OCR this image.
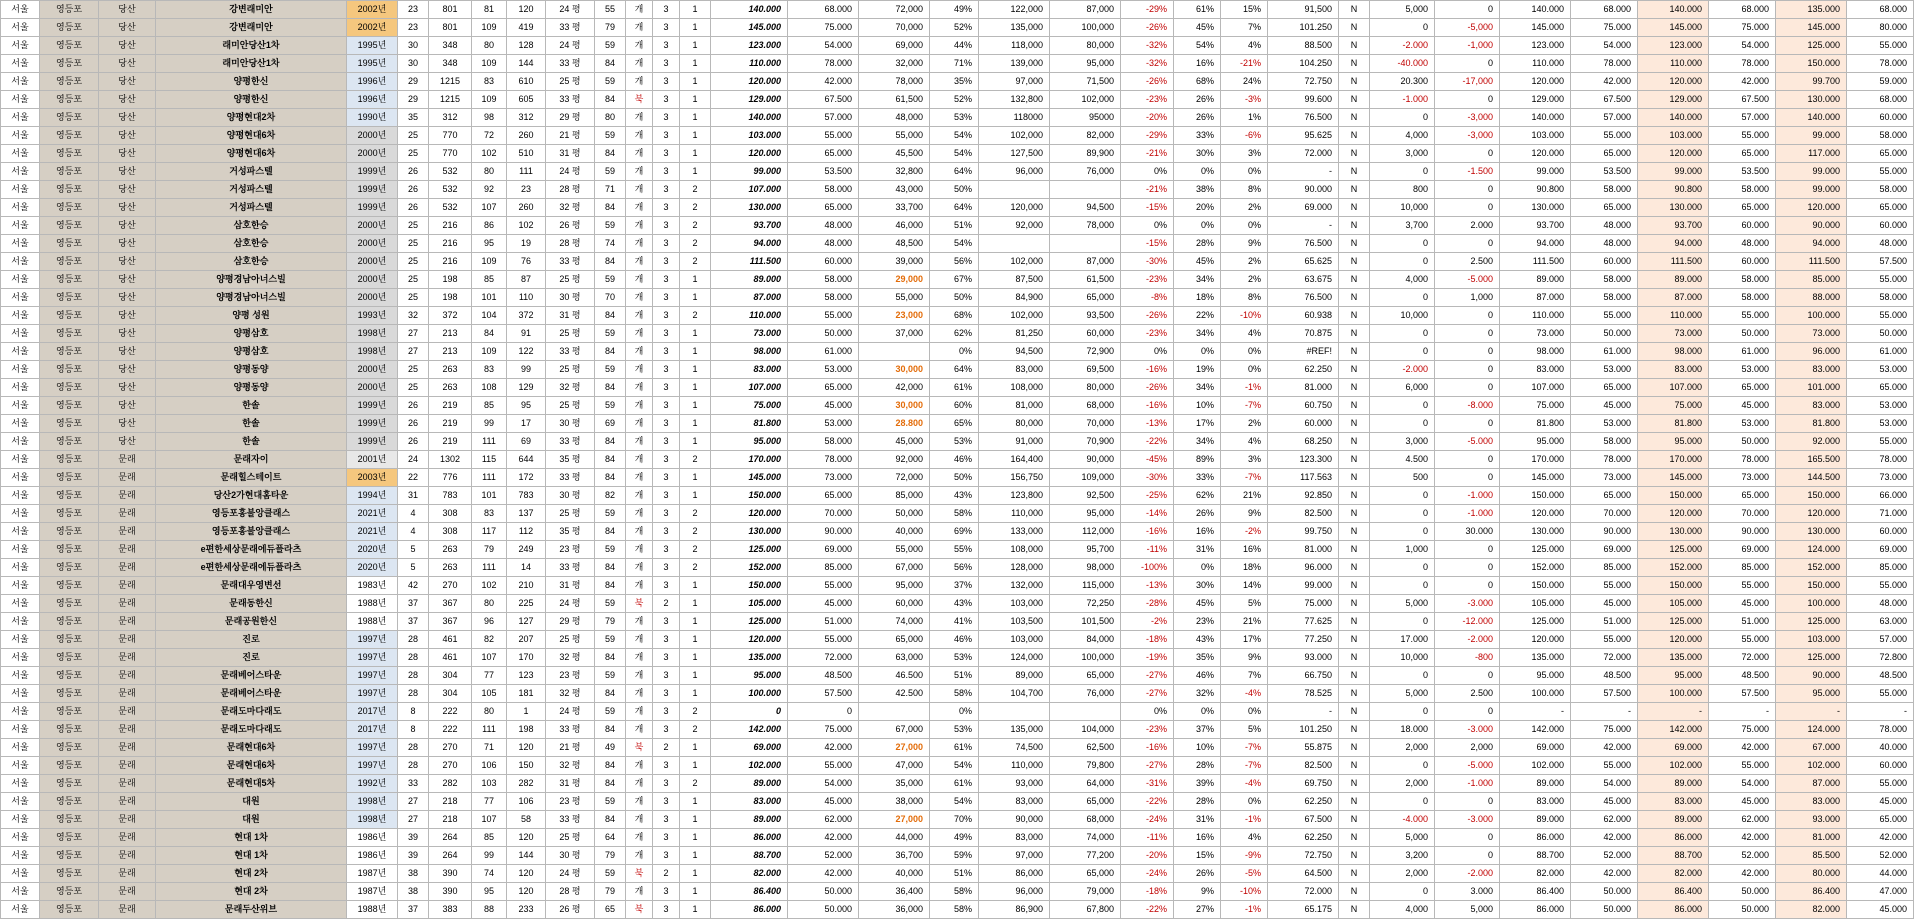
서울	영등포	당산	강변래미안	2002년	23	801	81	120	24 평	55	개	3	1	140.000	68.000	72,000	49%	122,000	87,000	-29%	61%	15%	91,500	N	5,000	0	140.000	68.000	140.000	68.000	135.000	68.000
서울	영등포	당산	강변래미안	2002년	23	801	109	419	33 평	79	개	3	1	145.000	75.000	70,000	52%	135,000	100,000	-26%	45%	7%	101.250	N	0	-5,000	145.000	75.000	145.000	75.000	145.000	80.000
서울	영등포	당산	래미안당산1차	1995년	30	348	80	128	24 평	59	개	3	1	123.000	54.000	69,000	44%	118,000	80,000	-32%	54%	4%	88.500	N	-2.000	-1,000	123.000	54.000	123.000	54.000	125.000	55.000
서울	영등포	당산	래미안당산1차	1995년	30	348	109	144	33 평	84	개	3	1	110.000	78.000	32,000	71%	139,000	95,000	-32%	16%	-21%	104.250	N	-40.000	0	110.000	78.000	110.000	78.000	150.000	78.000
서울	영등포	당산	양평한신	1996년	29	1215	83	610	25 평	59	개	3	1	120.000	42.000	78,000	35%	97,000	71,500	-26%	68%	24%	72.750	N	20.300	-17,000	120.000	42.000	120.000	42.000	99.700	59.000
서울	영등포	당산	양평한신	1996년	29	1215	109	605	33 평	84	북	3	1	129.000	67.500	61,500	52%	132,800	102,000	-23%	26%	-3%	99.600	N	-1.000	0	129.000	67.500	129.000	67.500	130.000	68.000
서울	영등포	당산	양평현대2차	1990년	35	312	98	312	29 평	80	개	3	1	140.000	57.000	48,000	53%	118000	95000	-20%	26%	1%	76.500	N	0	-3,000	140.000	57.000	140.000	57.000	140.000	60.000
서울	영등포	당산	양평현대6차	2000년	25	770	72	260	21 평	59	개	3	1	103.000	55.000	55,000	54%	102,000	82,000	-29%	33%	-6%	95.625	N	4,000	-3,000	103.000	55.000	103.000	55.000	99.000	58.000
서울	영등포	당산	양평현대6차	2000년	25	770	102	510	31 평	84	개	3	1	120.000	65.000	45,500	54%	127,500	89,900	-21%	30%	3%	72.000	N	3,000	0	120.000	65.000	120.000	65.000	117.000	65.000
서울	영등포	당산	거성파스텔	1999년	26	532	80	111	24 평	59	개	3	1	99.000	53.500	32,800	64%	96,000	76,000	0%	0%	0%	-	N	0	-1.500	99.000	53.500	99.000	53.500	99.000	55.000
서울	영등포	당산	거성파스텔	1999년	26	532	92	23	28 평	71	개	3	2	107.000	58.000	43,000	50%			-21%	38%	8%	90.000	N	800	0	90.800	58.000	90.800	58.000	99.000	58.000
서울	영등포	당산	거성파스텔	1999년	26	532	107	260	32 평	84	개	3	2	130.000	65.000	33,700	64%	120,000	94,500	-15%	20%	2%	69.000	N	10,000	0	130.000	65.000	130.000	65.000	120.000	65.000
서울	영등포	당산	삼호한승	2000년	25	216	86	102	26 평	59	개	3	2	93.700	48.000	46,000	51%	92,000	78,000	0%	0%	0%	-	N	3,700	2.000	93.700	48.000	93.700	60.000	90.000	60.000
서울	영등포	당산	삼호한승	2000년	25	216	95	19	28 평	74	개	3	2	94.000	48.000	48,500	54%			-15%	28%	9%	76.500	N	0	0	94.000	48.000	94.000	48.000	94.000	48.000
서울	영등포	당산	삼호한승	2000년	25	216	109	76	33 평	84	개	3	2	111.500	60.000	39,000	56%	102,000	87,000	-30%	45%	2%	65.625	N	0	2.500	111.500	60.000	111.500	60.000	111.500	57.500
서울	영등포	당산	양평경남아너스빌	2000년	25	198	85	87	25 평	59	개	3	1	89.000	58.000	29,000	67%	87,500	61,500	-23%	34%	2%	63.675	N	4,000	-5.000	89.000	58.000	89.000	58.000	85.000	55.000
서울	영등포	당산	양평경남아너스빌	2000년	25	198	101	110	30 평	70	개	3	1	87.000	58.000	55,000	50%	84,900	65,000	-8%	18%	8%	76.500	N	0	1,000	87.000	58.000	87.000	58.000	88.000	58.000
서울	영등포	당산	양평 성원	1993년	32	372	104	372	31 평	84	개	3	2	110.000	55.000	23,000	68%	102,000	93,500	-26%	22%	-10%	60.938	N	10,000	0	110.000	55.000	110.000	55.000	100.000	55.000
서울	영등포	당산	양평삼호	1998년	27	213	84	91	25 평	59	개	3	1	73.000	50.000	37,000	62%	81,250	60,000	-23%	34%	4%	70.875	N	0	0	73.000	50.000	73.000	50.000	73.000	50.000
서울	영등포	당산	양평삼호	1998년	27	213	109	122	33 평	84	개	3	1	98.000	61.000		0%	94,500	72,900	0%	0%	0%	#REF!	N	0	0	98.000	61.000	98.000	61.000	96.000	61.000
서울	영등포	당산	양평동양	2000년	25	263	83	99	25 평	59	개	3	1	83.000	53.000	30,000	64%	83,000	69,500	-16%	19%	0%	62.250	N	-2.000	0	83.000	53.000	83.000	53.000	83.000	53.000
서울	영등포	당산	양평동양	2000년	25	263	108	129	32 평	84	개	3	1	107.000	65.000	42,000	61%	108,000	80,000	-26%	34%	-1%	81.000	N	6,000	0	107.000	65.000	107.000	65.000	101.000	65.000
서울	영등포	당산	한솔	1999년	26	219	85	95	25 평	59	개	3	1	75.000	45.000	30,000	60%	81,000	68,000	-16%	10%	-7%	60.750	N	0	-8.000	75.000	45.000	75.000	45.000	83.000	53.000
서울	영등포	당산	한솔	1999년	26	219	99	17	30 평	69	개	3	1	81.800	53.000	28.800	65%	80,000	70,000	-13%	17%	2%	60.000	N	0	0	81.800	53.000	81.800	53.000	81.800	53.000
서울	영등포	당산	한솔	1999년	26	219	111	69	33 평	84	개	3	1	95.000	58.000	45,000	53%	91,000	70,900	-22%	34%	4%	68.250	N	3,000	-5.000	95.000	58.000	95.000	50.000	92.000	55.000
서울	영등포	문래	문래자이	2001년	24	1302	115	644	35 평	84	개	3	2	170.000	78.000	92,000	46%	164,400	90,000	-45%	89%	3%	123.300	N	4.500	0	170.000	78.000	170.000	78.000	165.500	78.000
서울	영등포	문래	문래힐스테이트	2003년	22	776	111	172	33 평	84	개	3	1	145.000	73.000	72,000	50%	156,750	109,000	-30%	33%	-7%	117.563	N	500	0	145.000	73.000	145.000	73.000	144.500	73.000
서울	영등포	문래	당산2가현대홈타운	1994년	31	783	101	783	30 평	82	개	3	1	150.000	65.000	85,000	43%	123,800	92,500	-25%	62%	21%	92.850	N	0	-1.000	150.000	65.000	150.000	65.000	150.000	66.000
서울	영등포	문래	영등포홍불앙클래스	2021년	4	308	83	137	25 평	59	개	3	2	120.000	70.000	50,000	58%	110,000	95,000	-14%	26%	9%	82.500	N	0	-1.000	120.000	70.000	120.000	70.000	120.000	71.000
서울	영등포	문래	영등포홍불앙클래스	2021년	4	308	117	112	35 평	84	개	3	2	130.000	90.000	40,000	69%	133,000	112,000	-16%	16%	-2%	99.750	N	0	30.000	130.000	90.000	130.000	90.000	130.000	60.000
서울	영등포	문래	e편한세상문래에듀플라츠	2020년	5	263	79	249	23 평	59	개	3	2	125.000	69.000	55,000	55%	108,000	95,700	-11%	31%	16%	81.000	N	1,000	0	125.000	69.000	125.000	69.000	124.000	69.000
서울	영등포	문래	e편한세상문래에듀플라츠	2020년	5	263	111	14	33 평	84	개	3	2	152.000	85.000	67,000	56%	128,000	98,000	-100%	0%	18%	96.000	N	0	0	152.000	85.000	152.000	85.000	152.000	85.000
서울	영등포	문래	문래대우영변선	1983년	42	270	102	210	31 평	84	개	3	1	150.000	55.000	95,000	37%	132,000	115,000	-13%	30%	14%	99.000	N	0	0	150.000	55.000	150.000	55.000	150.000	55.000
서울	영등포	문래	문래동한신	1988년	37	367	80	225	24 평	59	북	2	1	105.000	45.000	60,000	43%	103,000	72,250	-28%	45%	5%	75.000	N	5,000	-3.000	105.000	45.000	105.000	45.000	100.000	48.000
서울	영등포	문래	문래공원한신	1988년	37	367	96	127	29 평	79	개	3	1	125.000	51.000	74,000	41%	103,500	101,500	-2%	23%	21%	77.625	N	0	-12.000	125.000	51.000	125.000	51.000	125.000	63.000
서울	영등포	문래	진로	1997년	28	461	82	207	25 평	59	개	3	1	120.000	55.000	65,000	46%	103,000	84,000	-18%	43%	17%	77.250	N	17.000	-2.000	120.000	55.000	120.000	55.000	103.000	57.000
서울	영등포	문래	진로	1997년	28	461	107	170	32 평	84	개	3	1	135.000	72.000	63,000	53%	124,000	100,000	-19%	35%	9%	93.000	N	10,000	-800	135.000	72.000	135.000	72.000	125.000	72.800
서울	영등포	문래	문래베어스타운	1997년	28	304	77	123	23 평	59	개	3	1	95.000	48.500	46.500	51%	89,000	65,000	-27%	46%	7%	66.750	N	0	0	95.000	48.500	95.000	48.500	90.000	48.500
서울	영등포	문래	문래베어스타운	1997년	28	304	105	181	32 평	84	개	3	1	100.000	57.500	42.500	58%	104,700	76,000	-27%	32%	-4%	78.525	N	5,000	2.500	100.000	57.500	100.000	57.500	95.000	55.000
서울	영등포	문래	문래도마다래도	2017년	8	222	80	1	24 평	59	개	3	2	0	0		0%			0%	0%	0%	-	N	0	0	-	-	-	-	-	-
서울	영등포	문래	문래도마다래도	2017년	8	222	111	198	33 평	84	개	3	2	142.000	75.000	67,000	53%	135,000	104,000	-23%	37%	5%	101.250	N	18.000	-3.000	142.000	75.000	142.000	75.000	124.000	78.000
서울	영등포	문래	문래현대6차	1997년	28	270	71	120	21 평	49	북	2	1	69.000	42.000	27,000	61%	74,500	62,500	-16%	10%	-7%	55.875	N	2,000	2,000	69.000	42.000	69.000	42.000	67.000	40.000
서울	영등포	문래	문래현대6차	1997년	28	270	106	150	32 평	84	개	3	1	102.000	55.000	47,000	54%	110,000	79,800	-27%	28%	-7%	82.500	N	0	-5.000	102.000	55.000	102.000	55.000	102.000	60.000
서울	영등포	문래	문래현대5차	1992년	33	282	103	282	31 평	84	개	3	2	89.000	54.000	35,000	61%	93,000	64,000	-31%	39%	-4%	69.750	N	2,000	-1.000	89.000	54.000	89.000	54.000	87.000	55.000
서울	영등포	문래	대원	1998년	27	218	77	106	23 평	59	개	3	1	83.000	45.000	38,000	54%	83,000	65,000	-22%	28%	0%	62.250	N	0	0	83.000	45.000	83.000	45.000	83.000	45.000
서울	영등포	문래	대원	1998년	27	218	107	58	33 평	84	개	3	1	89.000	62.000	27,000	70%	90,000	68,000	-24%	31%	-1%	67.500	N	-4.000	-3.000	89.000	62.000	89.000	62.000	93.000	65.000
서울	영등포	문래	현대 1차	1986년	39	264	85	120	25 평	64	개	3	1	86.000	42.000	44,000	49%	83,000	74,000	-11%	16%	4%	62.250	N	5,000	0	86.000	42.000	86.000	42.000	81.000	42.000
서울	영등포	문래	현대 1차	1986년	39	264	99	144	30 평	79	개	3	1	88.700	52.000	36,700	59%	97,000	77,200	-20%	15%	-9%	72.750	N	3,200	0	88.700	52.000	88.700	52.000	85.500	52.000
서울	영등포	문래	현대 2차	1987년	38	390	74	120	24 평	59	북	2	1	82.000	42.000	40,000	51%	86,000	65,000	-24%	26%	-5%	64.500	N	2,000	-2.000	82.000	42.000	82.000	42.000	80.000	44.000
서울	영등포	문래	현대 2차	1987년	38	390	95	120	28 평	79	개	3	1	86.400	50.000	36,400	58%	96,000	79,000	-18%	9%	-10%	72.000	N	0	3.000	86.400	50.000	86.400	50.000	86.400	47.000
서울	영등포	문래	문래두산위브	1988년	37	383	88	233	26 평	65	북	3	1	86.000	50.000	36,000	58%	86,900	67,800	-22%	27%	-1%	65.175	N	4,000	5,000	86.000	50.000	86.000	50.000	82.000	45.000
